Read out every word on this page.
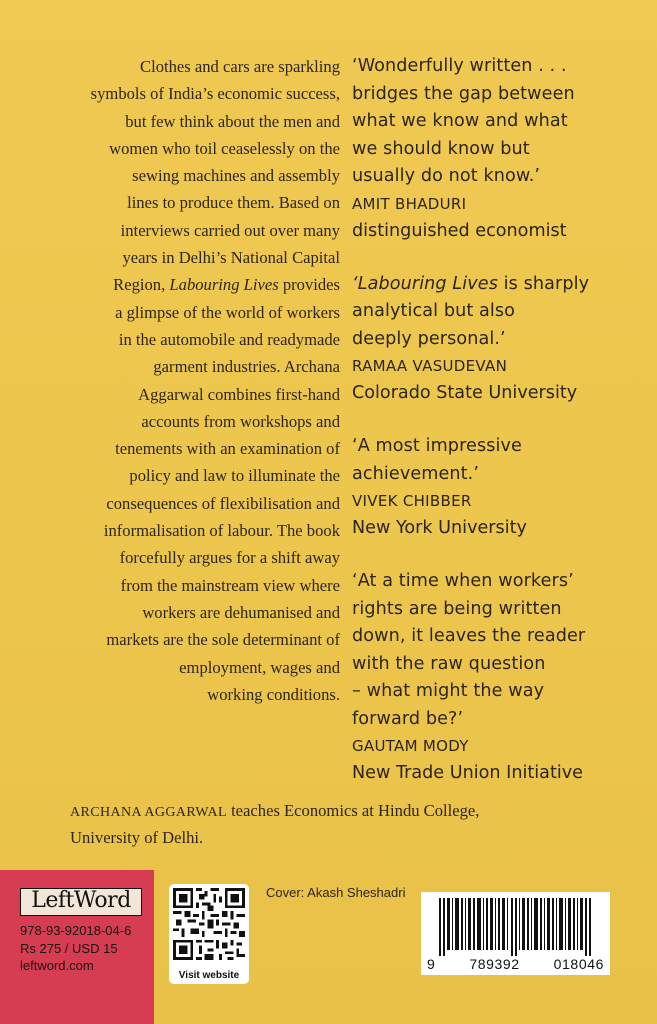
Clothes and cars are sparkling
symbols of India’s economic success,
but few think about the men and
women who toil ceaselessly on the
sewing machines and assembly
lines to produce them. Based on
interviews carried out over many
years in Delhi’s National Capital
Region, Labouring Lives provides
a glimpse of the world of workers
in the automobile and readymade
garment industries. Archana
Aggarwal combines first-hand
accounts from workshops and
tenements with an examination of
policy and law to illuminate the
consequences of flexibilisation and
informalisation of labour. The book
forcefully argues for a shift away
from the mainstream view where
workers are dehumanised and
markets are the sole determinant of
employment, wages and
working conditions.
‘Wonderfully written . . .
bridges the gap between
what we know and what
we should know but
usually do not know.’
AMIT BHADURI
distinguished economist
‘Labouring Lives is sharply
analytical but also
deeply personal.’
RAMAA VASUDEVAN
Colorado State University
‘A most impressive
achievement.’
VIVEK CHIBBER
New York University
‘At a time when workers’
rights are being written
down, it leaves the reader
with the raw question
– what might the way
forward be?’
GAUTAM MODY
New Trade Union Initiative
ARCHANA AGGARWAL teaches Economics at Hindu College,
University of Delhi.
LeftWord
978-93-92018-04-6
Rs 275 / USD 15
leftword.com
Visit website
Cover: Akash Sheshadri
9 789392 018046
